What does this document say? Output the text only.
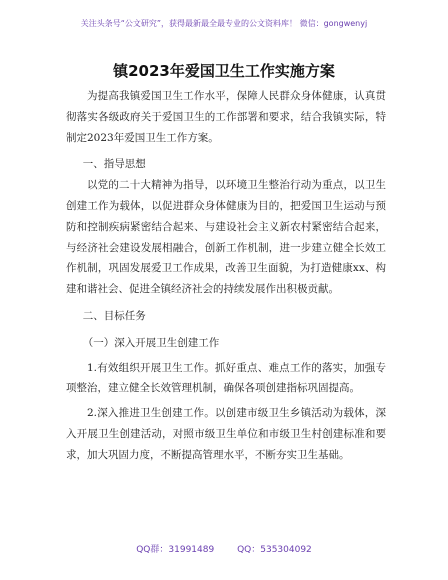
关注头条号“公文研究”，获得最新最全最专业的公文资料库！ 微信：gongwenyj
镇2023年爱国卫生工作实施方案

为提高我镇爱国卫生工作水平，保障人民群众身体健康，认真贯彻落实各级政府关于爱国卫生的工作部署和要求，结合我镇实际，特制定2023年爱国卫生工作方案。

一、指导思想

以党的二十大精神为指导，以环境卫生整治行动为重点，以卫生创建工作为载体，以促进群众身体健康为目的，把爱国卫生运动与预防和控制疾病紧密结合起来、与建设社会主义新农村紧密结合起来，与经济社会建设发展相融合，创新工作机制，进一步建立健全长效工作机制，巩固发展爱卫工作成果，改善卫生面貌，为打造健康xx、构建和谐社会、促进全镇经济社会的持续发展作出积极贡献。

二、目标任务

（一）深入开展卫生创建工作

1.有效组织开展卫生工作。抓好重点、难点工作的落实，加强专项整治，建立健全长效管理机制，确保各项创建指标巩固提高。

2.深入推进卫生创建工作。以创建市级卫生乡镇活动为载体，深入开展卫生创建活动，对照市级卫生单位和市级卫生村创建标准和要求，加大巩固力度，不断提高管理水平，不断夯实卫生基础。

QQ群：31991489	QQ：535304092
